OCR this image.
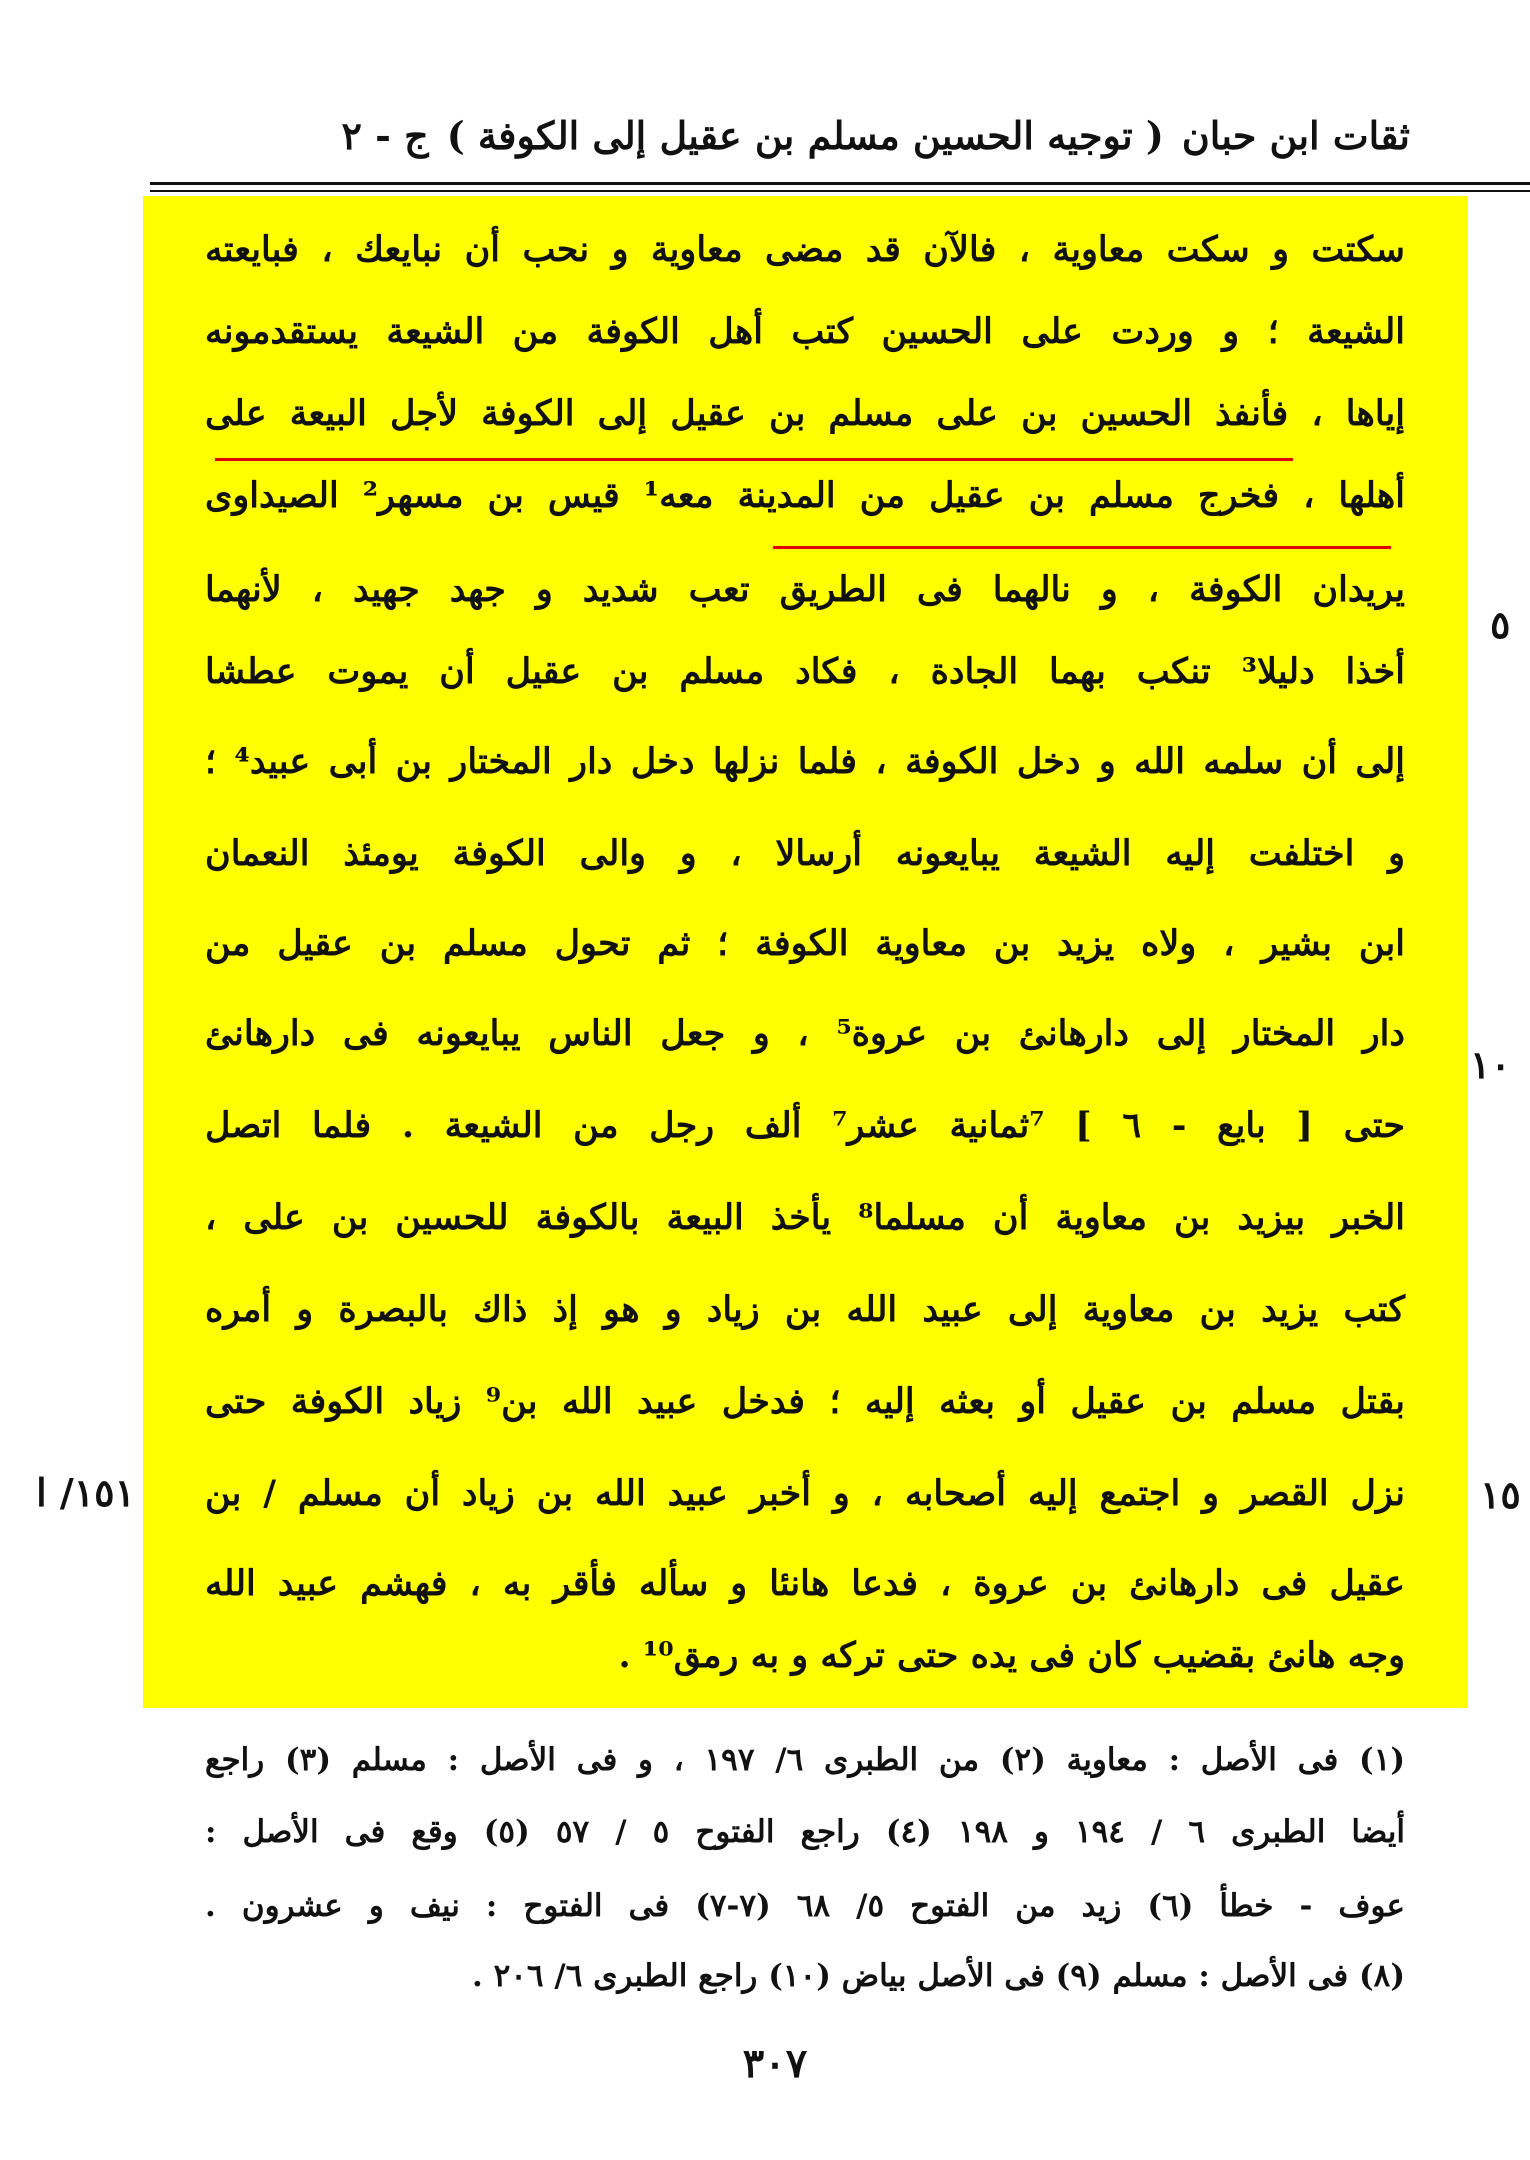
ثقات ابن حبان
( توجيه الحسين مسلم بن عقيل إلى الكوفة )
ج - ٢
سكتت و سكت معاوية ، فالآن قد مضى معاوية و نحب أن نبايعك ، فبايعته
الشيعة ؛ و وردت على الحسين كتب أهل الكوفة من الشيعة يستقدمونه
إياها ، فأنفذ الحسين بن على مسلم بن عقيل إلى الكوفة لأجل البيعة على
أهلها ، فخرج مسلم بن عقيل من المدينة معه¹ قيس بن مسهر² الصيداوى
يريدان الكوفة ، و نالهما فى الطريق تعب شديد و جهد جهيد ، لأنهما
أخذا دليلا³ تنكب بهما الجادة ، فكاد مسلم بن عقيل أن يموت عطشا
إلى أن سلمه الله و دخل الكوفة ، فلما نزلها دخل دار المختار بن أبى عبيد⁴ ؛
و اختلفت إليه الشيعة يبايعونه أرسالا ، و والى الكوفة يومئذ النعمان
ابن بشير ، ولاه يزيد بن معاوية الكوفة ؛ ثم تحول مسلم بن عقيل من
دار المختار إلى دارهانئ بن عروة⁵ ، و جعل الناس يبايعونه فى دارهانئ
حتى [ بايع - ٦ ] ⁷ثمانية عشر⁷ ألف رجل من الشيعة . فلما اتصل
الخبر بيزيد بن معاوية أن مسلما⁸ يأخذ البيعة بالكوفة للحسين بن على ،
كتب يزيد بن معاوية إلى عبيد الله بن زياد و هو إذ ذاك بالبصرة و أمره
بقتل مسلم بن عقيل أو بعثه إليه ؛ فدخل عبيد الله بن⁹ زياد الكوفة حتى
نزل القصر و اجتمع إليه أصحابه ، و أخبر عبيد الله بن زياد أن مسلم / بن
عقيل فى دارهانئ بن عروة ، فدعا هانئا و سأله فأقر به ، فهشم عبيد الله
وجه هانئ بقضيب كان فى يده حتى تركه و به رمق¹⁰ .
٥
١٠
١٥
١٥١/ ا
(١) فى الأصل : معاوية (٢) من الطبرى ٦/ ١٩٧ ، و فى الأصل : مسلم (٣) راجع
أيضا الطبرى ٦ / ١٩٤ و ١٩٨ (٤) راجع الفتوح ٥ / ٥٧ (٥) وقع فى الأصل :
عوف - خطأ (٦) زيد من الفتوح ٥/ ٦٨ (٧-٧) فى الفتوح : نيف و عشرون .
(٨) فى الأصل : مسلم (٩) فى الأصل بياض (١٠) راجع الطبرى ٦/ ٢٠٦ .
٣٠٧
